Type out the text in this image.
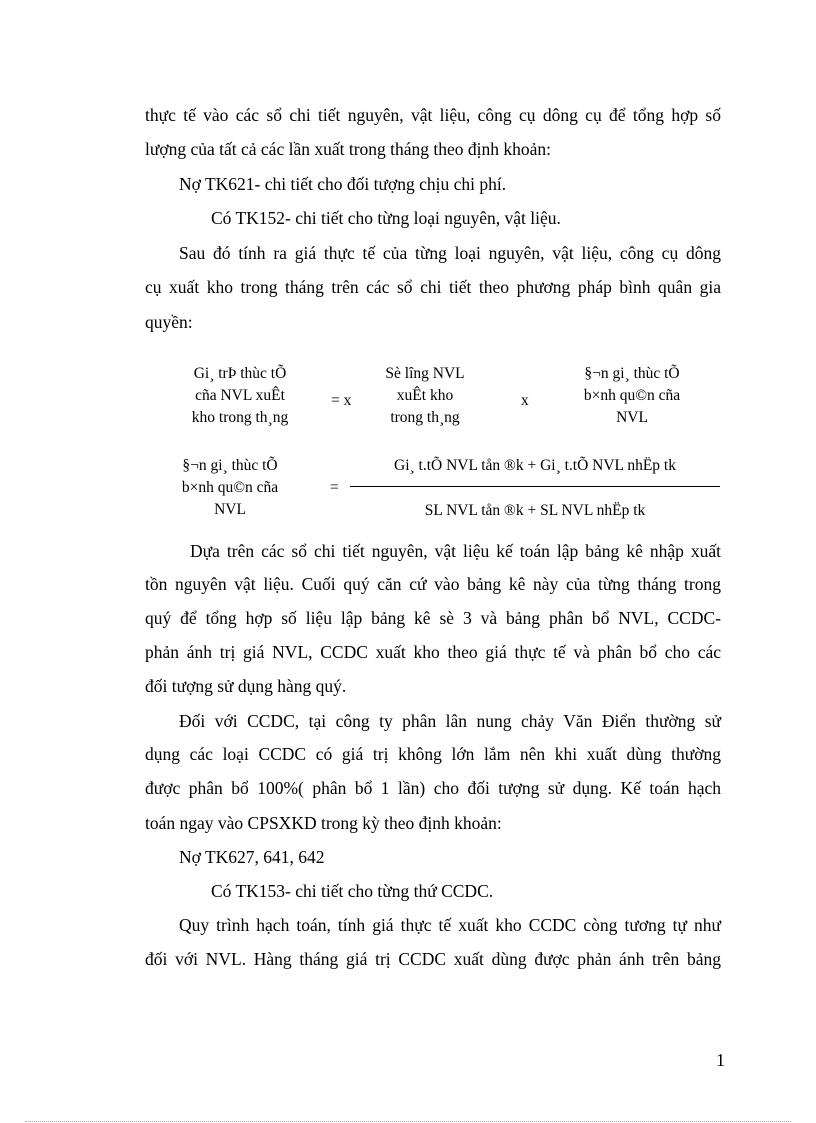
thực tế vào các sổ chi tiết nguyên, vật liệu, công cụ dông cụ để tổng hợp số
lượng của tất cả các lần xuất trong tháng theo định khoản:
Nợ TK621- chi tiết cho đối tượng chịu chi phí.
Có TK152- chi tiết cho từng loại nguyên, vật liệu.
Sau đó tính ra giá thực tế của từng loại nguyên, vật liệu, công cụ dông
cụ xuất kho trong tháng trên các sổ chi tiết theo phương pháp bình quân gia
quyền:
Gi¸ trÞ thùc tÕ
cña NVL xuÊt
kho trong th¸ng
= x
Sè lîng NVL
xuÊt kho
trong th¸ng
x
§¬n gi¸ thùc tÕ
b×nh qu©n cña
NVL
§¬n gi¸ thùc tÕ
b×nh qu©n cña
NVL
=
Gi¸ t.tÕ NVL tån ®k + Gi¸ t.tÕ NVL nhËp tk
SL NVL tån ®k + SL NVL nhËp tk
Dựa trên các sổ chi tiết nguyên, vật liệu kế toán lập bảng kê nhập xuất
tồn nguyên vật liệu. Cuối quý căn cứ vào bảng kê này của từng tháng trong
quý để tổng hợp số liệu lập bảng kê sè 3 và bảng phân bổ NVL, CCDC-
phản ánh trị giá NVL, CCDC xuất kho theo giá thực tế và phân bổ cho các
đối tượng sử dụng hàng quý.
Đối với CCDC, tại công ty phân lân nung chảy Văn Điển thường sử
dụng các loại CCDC có giá trị không lớn lắm nên khi xuất dùng thường
được phân bổ 100%( phân bổ 1 lần) cho đối tượng sử dụng. Kế toán hạch
toán ngay vào CPSXKD trong kỳ theo định khoản:
Nợ TK627, 641, 642
Có TK153- chi tiết cho từng thứ CCDC.
Quy trình hạch toán, tính giá thực tế xuất kho CCDC còng tương tự như
đối với NVL. Hàng tháng giá trị CCDC xuất dùng được phản ánh trên bảng
1
